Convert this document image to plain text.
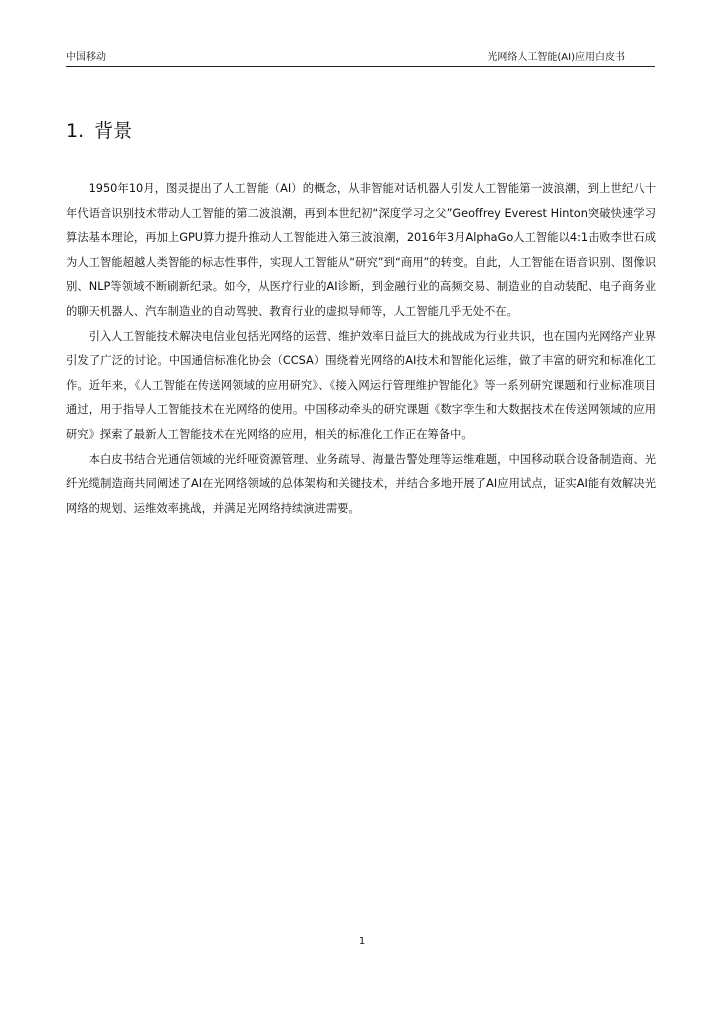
中国移动	光网络人工智能(AI)应用白皮书
1. 背景

1950年10月，图灵提出了人工智能（AI）的概念，从非智能对话机器人引发人工智能第一波浪潮，到上世纪八十年代语音识别技术带动人工智能的第二波浪潮，再到本世纪初“深度学习之父”Geoffrey Everest Hinton突破快速学习算法基本理论，再加上GPU算力提升推动人工智能进入第三波浪潮，2016年3月AlphaGo人工智能以4:1击败李世石成为人工智能超越人类智能的标志性事件，实现人工智能从“研究”到“商用”的转变。自此，人工智能在语音识别、图像识别、NLP等领域不断刷新纪录。如今，从医疗行业的AI诊断，到金融行业的高频交易、制造业的自动装配、电子商务业的聊天机器人、汽车制造业的自动驾驶、教育行业的虚拟导师等，人工智能几乎无处不在。

引入人工智能技术解决电信业包括光网络的运营、维护效率日益巨大的挑战成为行业共识，也在国内光网络产业界引发了广泛的讨论。中国通信标准化协会（CCSA）围绕着光网络的AI技术和智能化运维，做了丰富的研究和标准化工作。近年来，《人工智能在传送网领域的应用研究》、《接入网运行管理维护智能化》等一系列研究课题和行业标准项目通过，用于指导人工智能技术在光网络的使用。中国移动牵头的研究课题《数字孪生和大数据技术在传送网领域的应用研究》探索了最新人工智能技术在光网络的应用，相关的标准化工作正在筹备中。

本白皮书结合光通信领域的光纤哑资源管理、业务疏导、海量告警处理等运维难题，中国移动联合设备制造商、光纤光缆制造商共同阐述了AI在光网络领域的总体架构和关键技术，并结合多地开展了AI应用试点，证实AI能有效解决光网络的规划、运维效率挑战，并满足光网络持续演进需要。

1
